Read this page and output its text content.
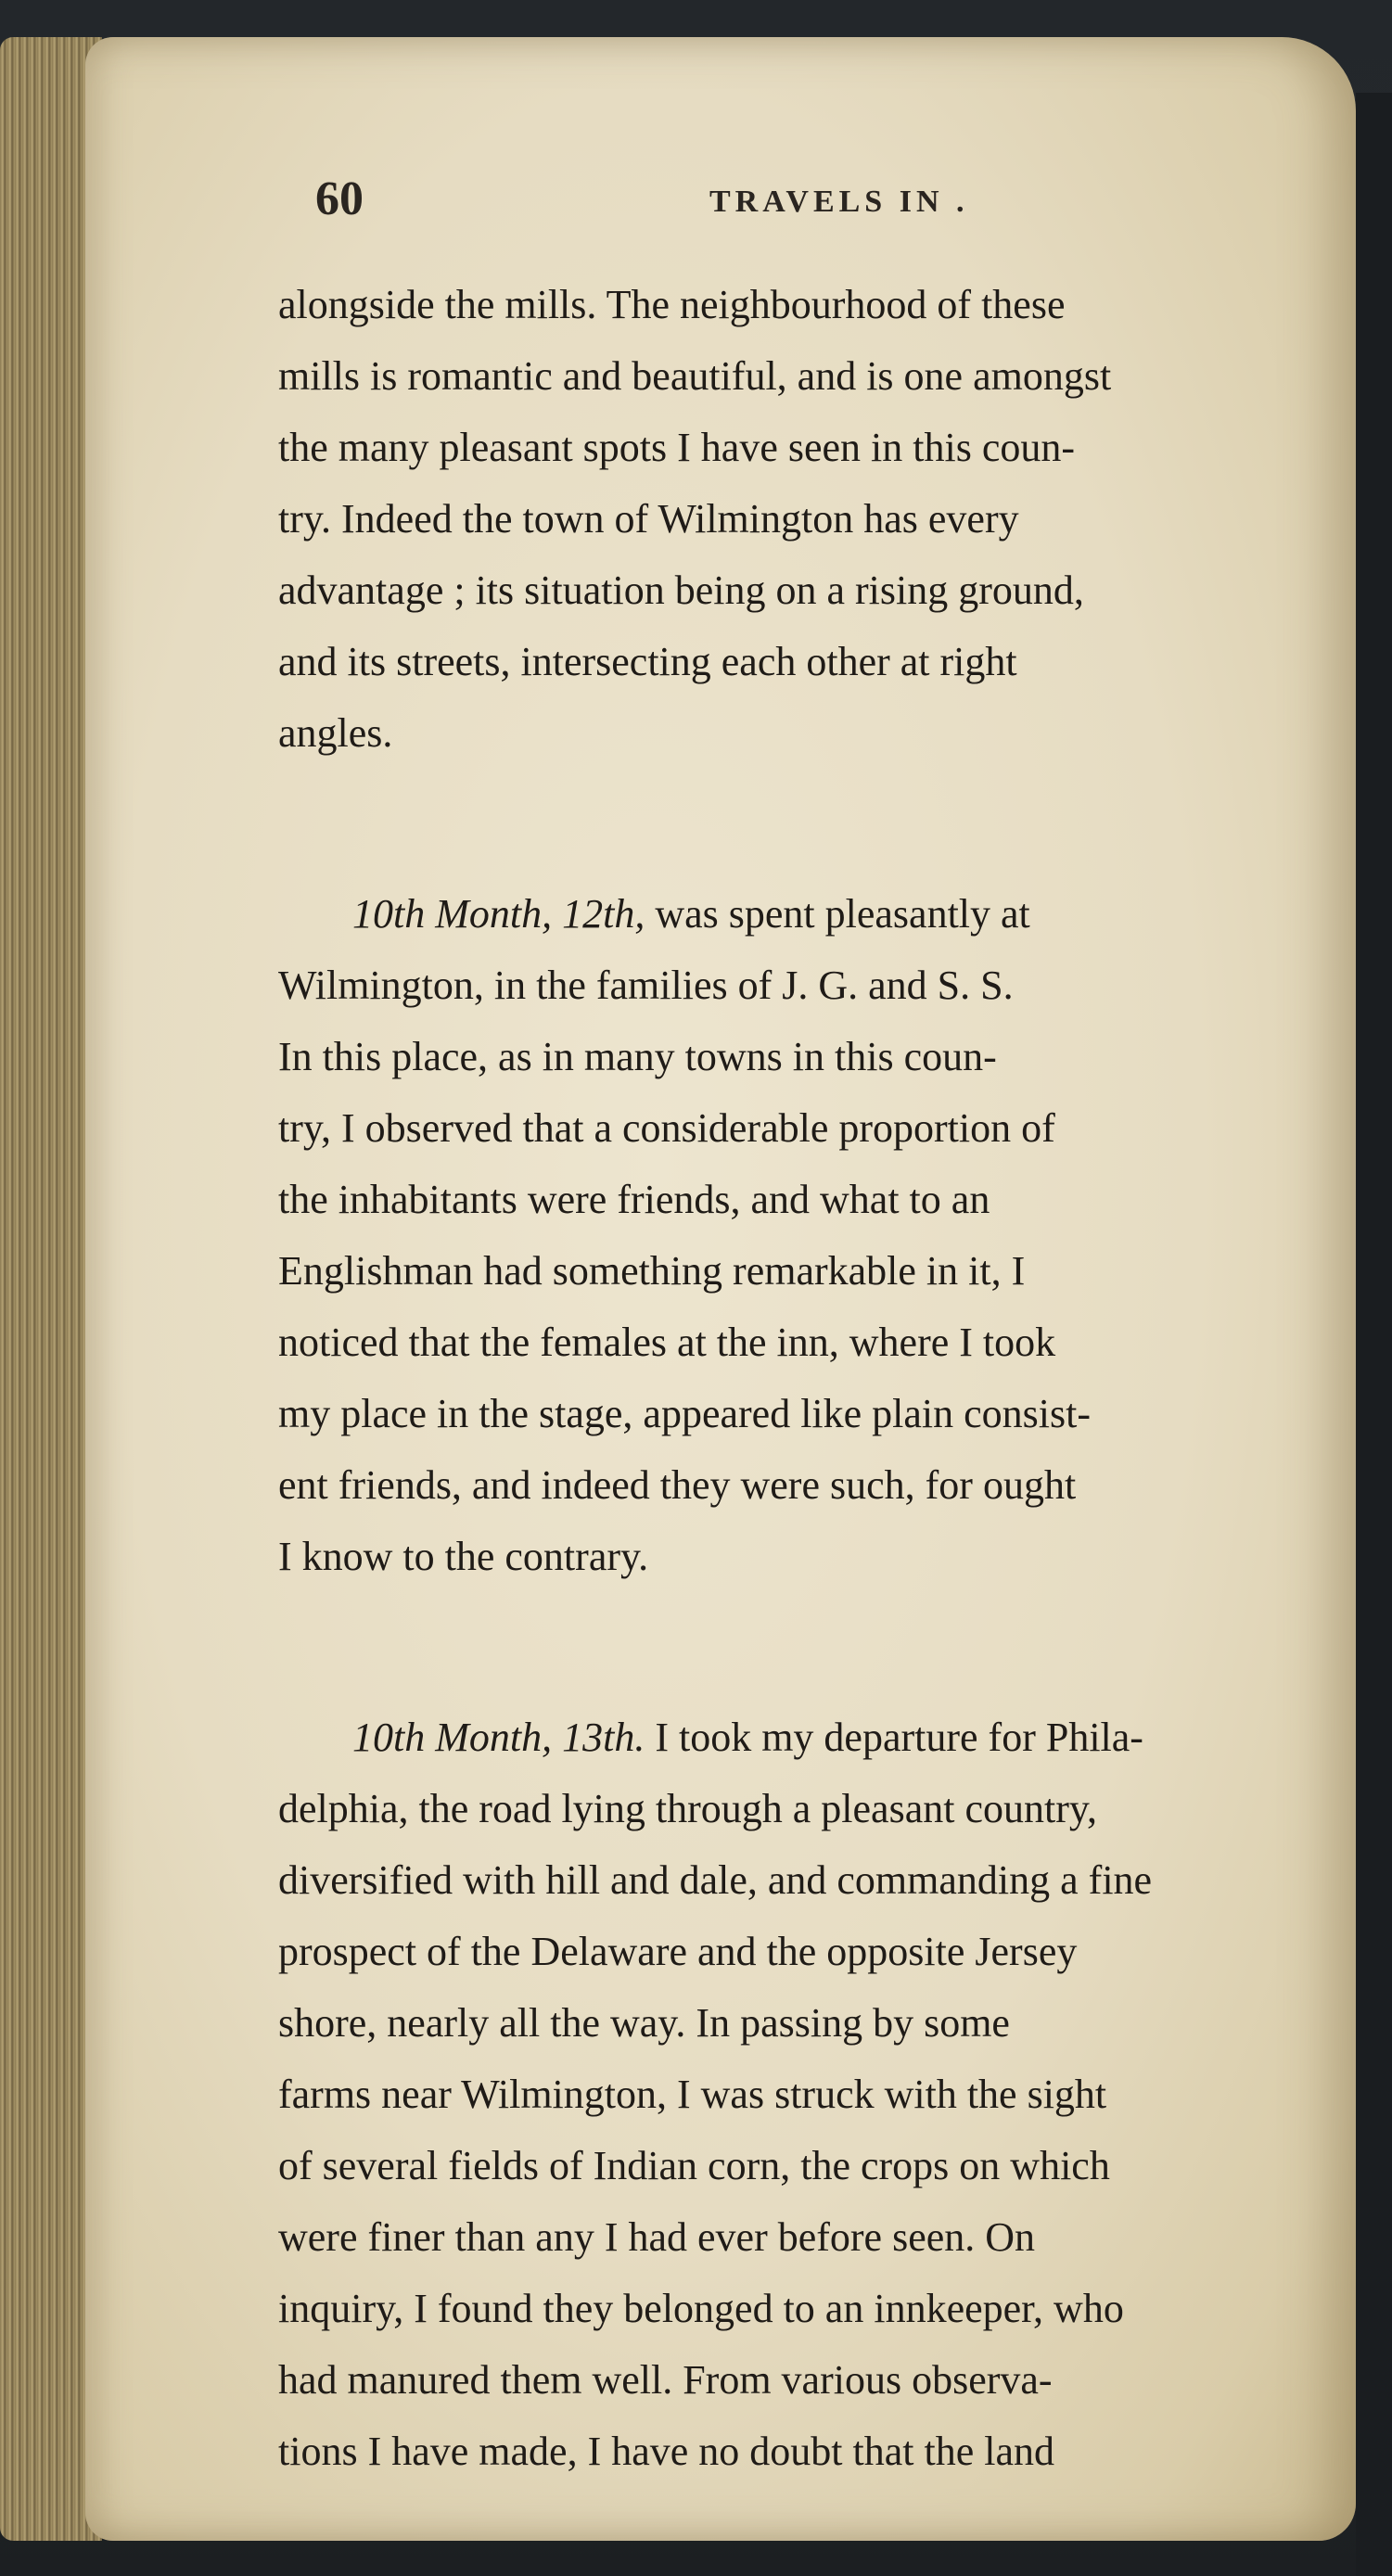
60	TRAVELS IN .
alongside the mills. The neighbourhood of these
mills is romantic and beautiful, and is one amongst
the many pleasant spots I have seen in this coun-
try. Indeed the town of Wilmington has every
advantage ; its situation being on a rising ground,
and its streets, intersecting each other at right
angles.
10th Month, 12th, was spent pleasantly at
Wilmington, in the families of J. G. and S. S.
In this place, as in many towns in this coun-
try, I observed that a considerable proportion of
the inhabitants were friends, and what to an
Englishman had something remarkable in it, I
noticed that the females at the inn, where I took
my place in the stage, appeared like plain consist-
ent friends, and indeed they were such, for ought
I know to the contrary.
10th Month, 13th. I took my departure for Phila-
delphia, the road lying through a pleasant country,
diversified with hill and dale, and commanding a fine
prospect of the Delaware and the opposite Jersey
shore, nearly all the way. In passing by some
farms near Wilmington, I was struck with the sight
of several fields of Indian corn, the crops on which
were finer than any I had ever before seen. On
inquiry, I found they belonged to an innkeeper, who
had manured them well. From various observa-
tions I have made, I have no doubt that the land
